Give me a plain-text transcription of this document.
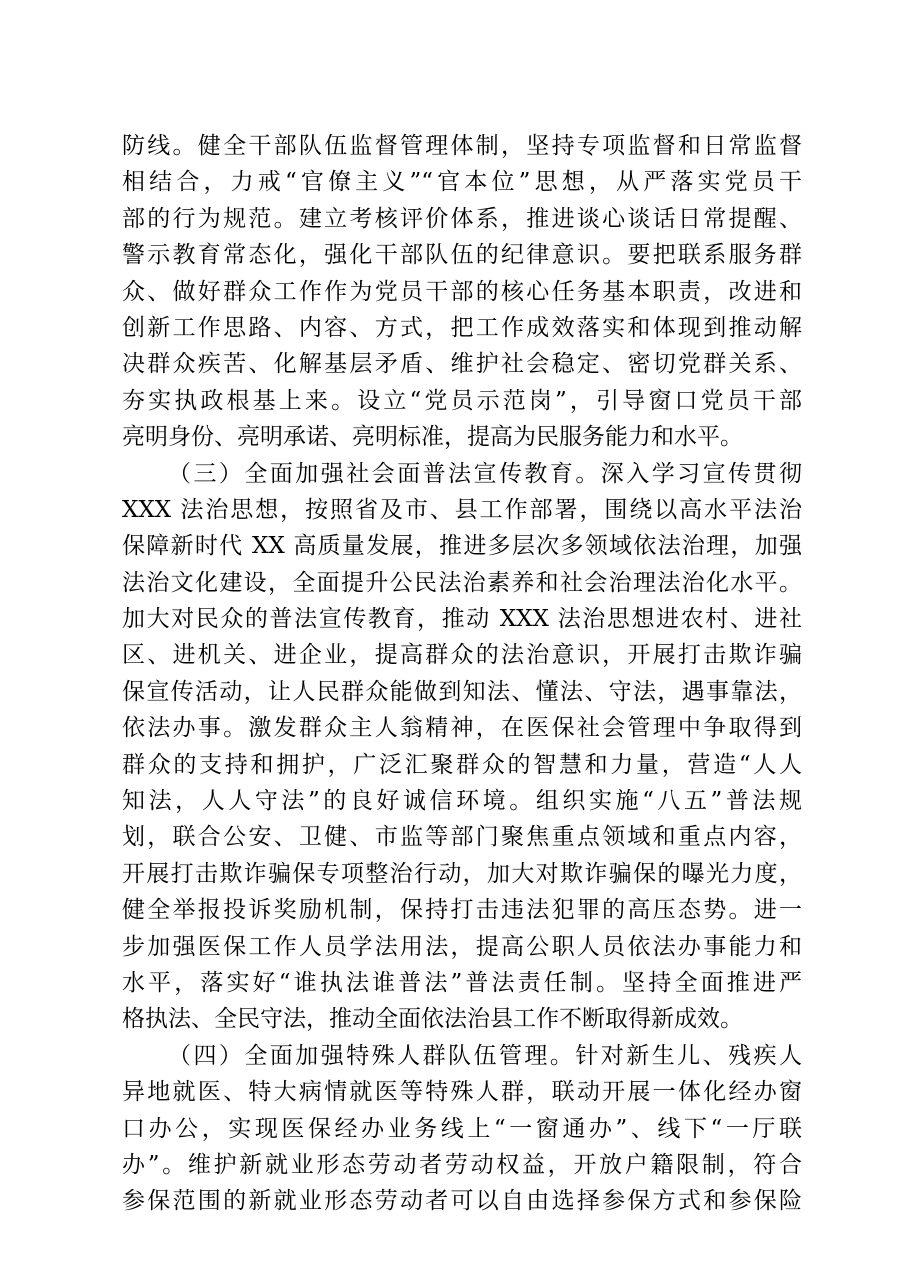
防线。健全干部队伍监督管理体制，坚持专项监督和日常监督
相结合，力戒“官僚主义”“官本位”思想，从严落实党员干
部的行为规范。建立考核评价体系，推进谈心谈话日常提醒、
警示教育常态化，强化干部队伍的纪律意识。要把联系服务群
众、做好群众工作作为党员干部的核心任务基本职责，改进和
创新工作思路、内容、方式，把工作成效落实和体现到推动解
决群众疾苦、化解基层矛盾、维护社会稳定、密切党群关系、
夯实执政根基上来。设立“党员示范岗”，引导窗口党员干部
亮明身份、亮明承诺、亮明标准，提高为民服务能力和水平。
（三）全面加强社会面普法宣传教育。深入学习宣传贯彻
XXX 法治思想，按照省及市、县工作部署，围绕以高水平法治
保障新时代 XX 高质量发展，推进多层次多领域依法治理，加强
法治文化建设，全面提升公民法治素养和社会治理法治化水平。
加大对民众的普法宣传教育，推动 XXX 法治思想进农村、进社
区、进机关、进企业，提高群众的法治意识，开展打击欺诈骗
保宣传活动，让人民群众能做到知法、懂法、守法，遇事靠法，
依法办事。激发群众主人翁精神，在医保社会管理中争取得到
群众的支持和拥护，广泛汇聚群众的智慧和力量，营造“人人
知法，人人守法”的良好诚信环境。组织实施“八五”普法规
划，联合公安、卫健、市监等部门聚焦重点领域和重点内容，
开展打击欺诈骗保专项整治行动，加大对欺诈骗保的曝光力度，
健全举报投诉奖励机制，保持打击违法犯罪的高压态势。进一
步加强医保工作人员学法用法，提高公职人员依法办事能力和
水平，落实好“谁执法谁普法”普法责任制。坚持全面推进严
格执法、全民守法，推动全面依法治县工作不断取得新成效。
（四）全面加强特殊人群队伍管理。针对新生儿、残疾人
异地就医、特大病情就医等特殊人群，联动开展一体化经办窗
口办公，实现医保经办业务线上“一窗通办”、线下“一厅联
办”。维护新就业形态劳动者劳动权益，开放户籍限制，符合
参保范围的新就业形态劳动者可以自由选择参保方式和参保险
